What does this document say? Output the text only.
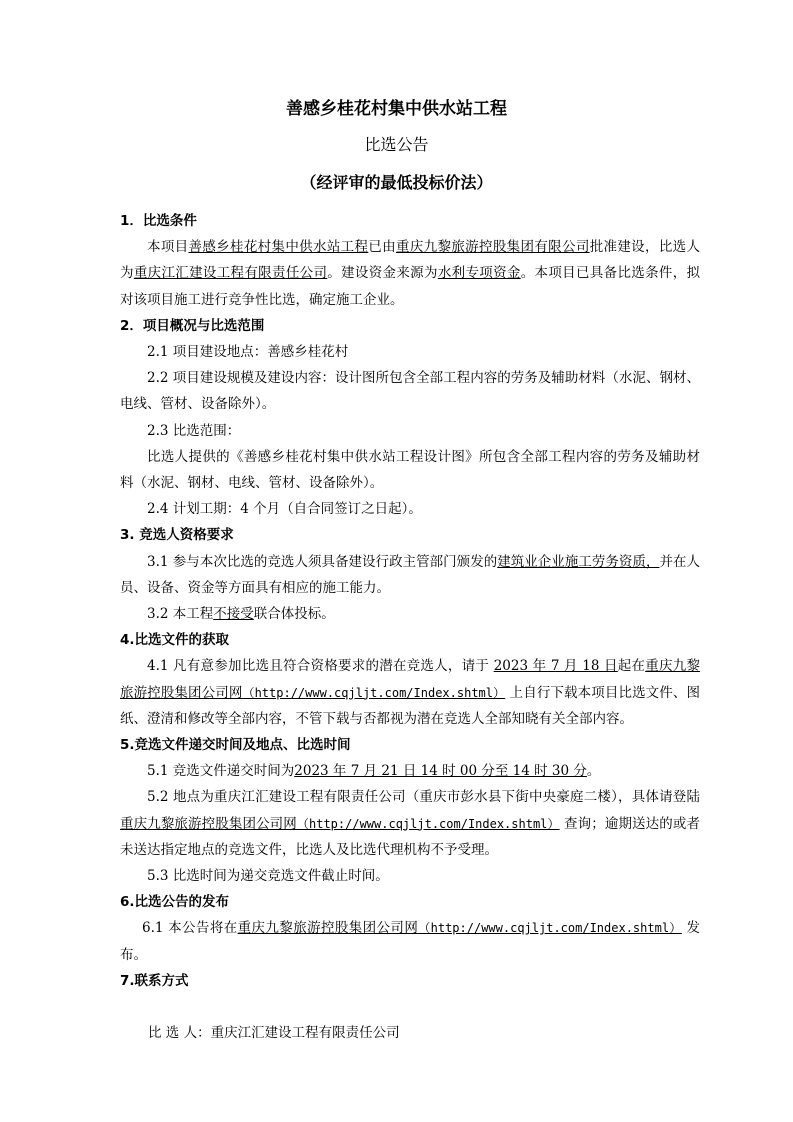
善感乡桂花村集中供水站工程
比选公告
（经评审的最低投标价法）
1．比选条件
本项目善感乡桂花村集中供水站工程已由重庆九黎旅游控股集团有限公司批准建设，比选人为重庆江汇建设工程有限责任公司。建设资金来源为水利专项资金。本项目已具备比选条件，拟对该项目施工进行竞争性比选，确定施工企业。
2．项目概况与比选范围
2.1 项目建设地点：善感乡桂花村
2.2 项目建设规模及建设内容：设计图所包含全部工程内容的劳务及辅助材料（水泥、钢材、电线、管材、设备除外）。
2.3 比选范围：
比选人提供的《善感乡桂花村集中供水站工程设计图》所包含全部工程内容的劳务及辅助材料（水泥、钢材、电线、管材、设备除外）。
2.4 计划工期：4 个月（自合同签订之日起）。
3. 竞选人资格要求
3.1 参与本次比选的竞选人须具备建设行政主管部门颁发的建筑业企业施工劳务资质，并在人员、设备、资金等方面具有相应的施工能力。
3.2 本工程不接受联合体投标。
4.比选文件的获取
4.1 凡有意参加比选且符合资格要求的潜在竞选人，请于 2023 年 7 月 18 日起在重庆九黎旅游控股集团公司网（http://www.cqjljt.com/Index.shtml） 上自行下载本项目比选文件、图纸、澄清和修改等全部内容，不管下载与否都视为潜在竞选人全部知晓有关全部内容。
5.竞选文件递交时间及地点、比选时间
5.1 竞选文件递交时间为2023 年 7 月 21 日 14 时 00 分至 14 时 30 分。
5.2 地点为重庆江汇建设工程有限责任公司（重庆市彭水县下街中央豪庭二楼），具体请登陆重庆九黎旅游控股集团公司网（http://www.cqjljt.com/Index.shtml） 查询；逾期送达的或者未送达指定地点的竞选文件，比选人及比选代理机构不予受理。
5.3 比选时间为递交竞选文件截止时间。
6.比选公告的发布
6.1 本公告将在重庆九黎旅游控股集团公司网（http://www.cqjljt.com/Index.shtml） 发布。
7.联系方式
比 选 人：重庆江汇建设工程有限责任公司
